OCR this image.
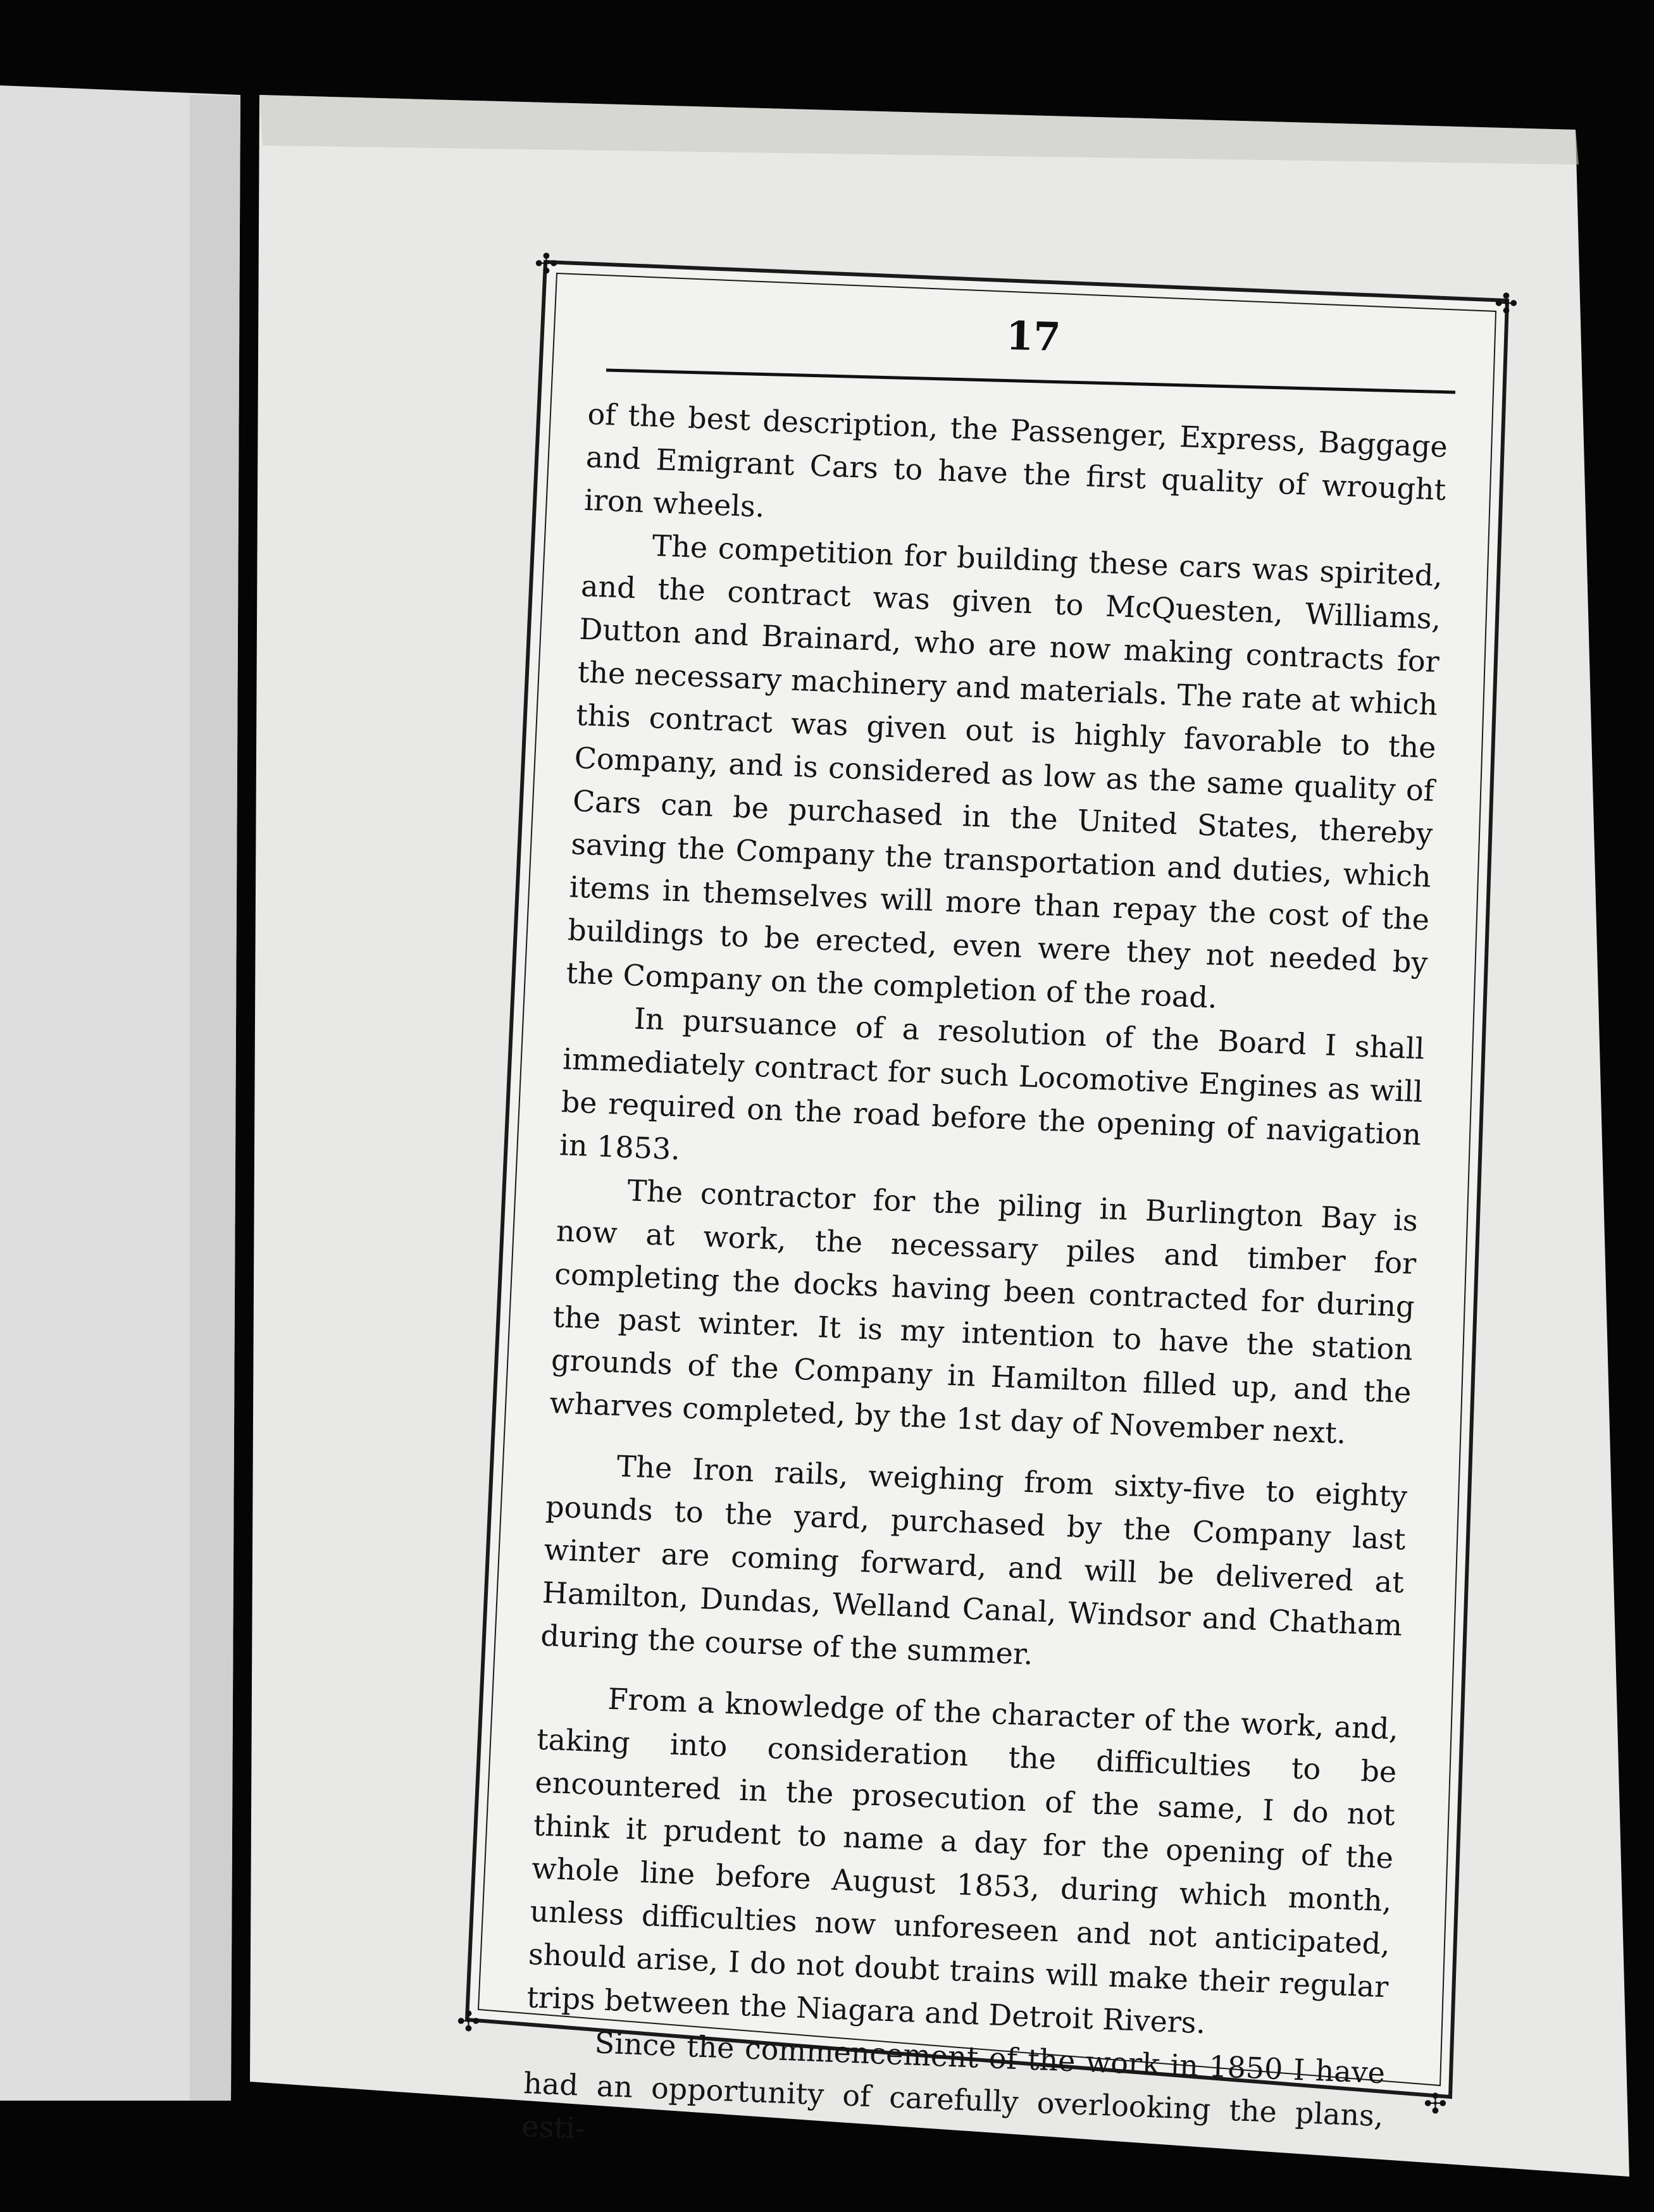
✣
✣
✣
✣
17

of the best description, the Passenger, Express, Baggage and Emigrant Cars to have the first quality of wrought iron wheels.

The competition for building these cars was spirited, and the contract was given to McQuesten, Williams, Dutton and Brainard, who are now making contracts for the necessary machinery and materials. The rate at which this contract was given out is highly favorable to the Company, and is considered as low as the same quality of Cars can be purchased in the United States, thereby saving the Company the transportation and duties, which items in themselves will more than repay the cost of the buildings to be erected, even were they not needed by the Company on the completion of the road.

In pursuance of a resolution of the Board I shall immediately contract for such Locomotive Engines as will be required on the road before the opening of navigation in 1853.

The contractor for the piling in Burlington Bay is now at work, the necessary piles and timber for completing the docks having been contracted for during the past winter. It is my intention to have the station grounds of the Company in Hamilton filled up, and the wharves completed, by the 1st day of November next.

The Iron rails, weighing from sixty-five to eighty pounds to the yard, purchased by the Company last winter are coming forward, and will be delivered at Hamilton, Dundas, Welland Canal, Windsor and Chatham during the course of the summer.

From a knowledge of the character of the work, and, taking into consideration the difficulties to be encountered in the prosecution of the same, I do not think it prudent to name a day for the opening of the whole line before August 1853, during which month, unless difficulties now unforeseen and not anticipated, should arise, I do not doubt trains will make their regular trips between the Niagara and Detroit Rivers.

Since the commencement of the work in 1850 I have had an opportunity of carefully overlooking the plans, esti-
